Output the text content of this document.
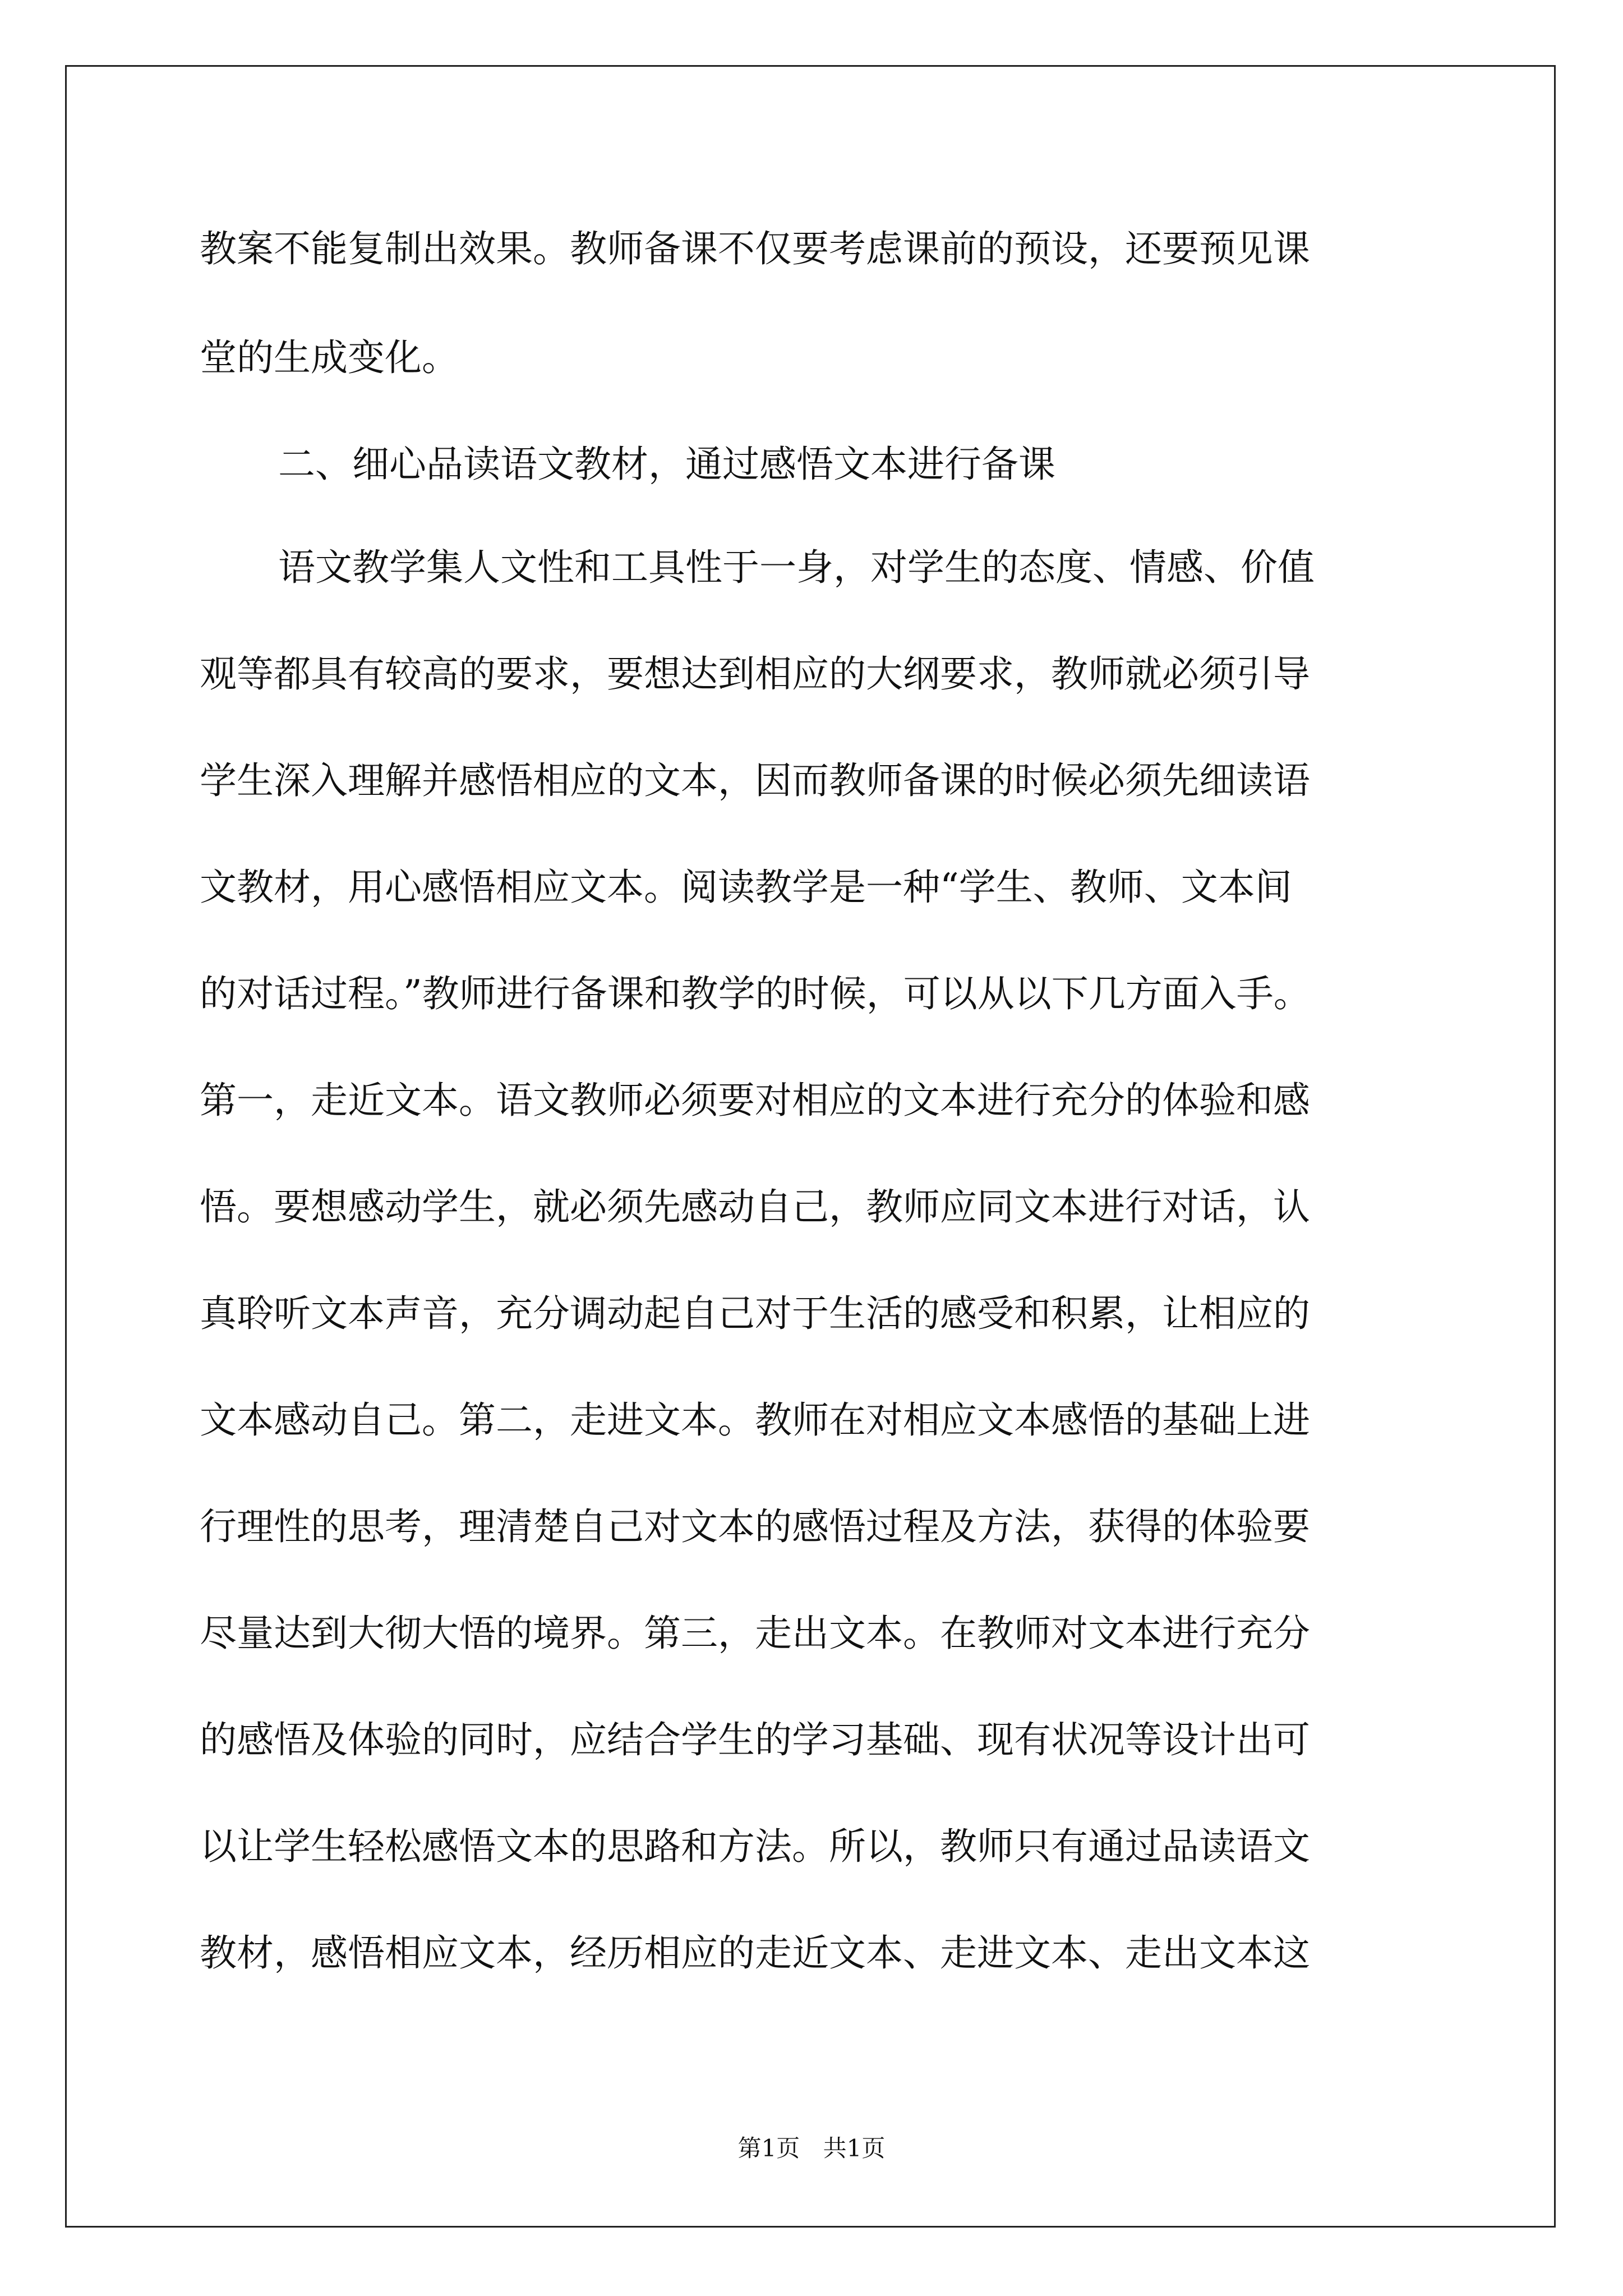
教案不能复制出效果。教师备课不仅要考虑课前的预设，还要预见课
堂的生成变化。
二、细心品读语文教材，通过感悟文本进行备课
语文教学集人文性和工具性于一身，对学生的态度、情感、价值
观等都具有较高的要求，要想达到相应的大纲要求，教师就必须引导
学生深入理解并感悟相应的文本，因而教师备课的时候必须先细读语
文教材，用心感悟相应文本。阅读教学是一种“学生、教师、文本间
的对话过程。”教师进行备课和教学的时候，可以从以下几方面入手。
第一，走近文本。语文教师必须要对相应的文本进行充分的体验和感
悟。要想感动学生，就必须先感动自己，教师应同文本进行对话，认
真聆听文本声音，充分调动起自己对于生活的感受和积累，让相应的
文本感动自己。第二，走进文本。教师在对相应文本感悟的基础上进
行理性的思考，理清楚自己对文本的感悟过程及方法，获得的体验要
尽量达到大彻大悟的境界。第三，走出文本。在教师对文本进行充分
的感悟及体验的同时，应结合学生的学习基础、现有状况等设计出可
以让学生轻松感悟文本的思路和方法。所以，教师只有通过品读语文
教材，感悟相应文本，经历相应的走近文本、走进文本、走出文本这
第1页 共1页
